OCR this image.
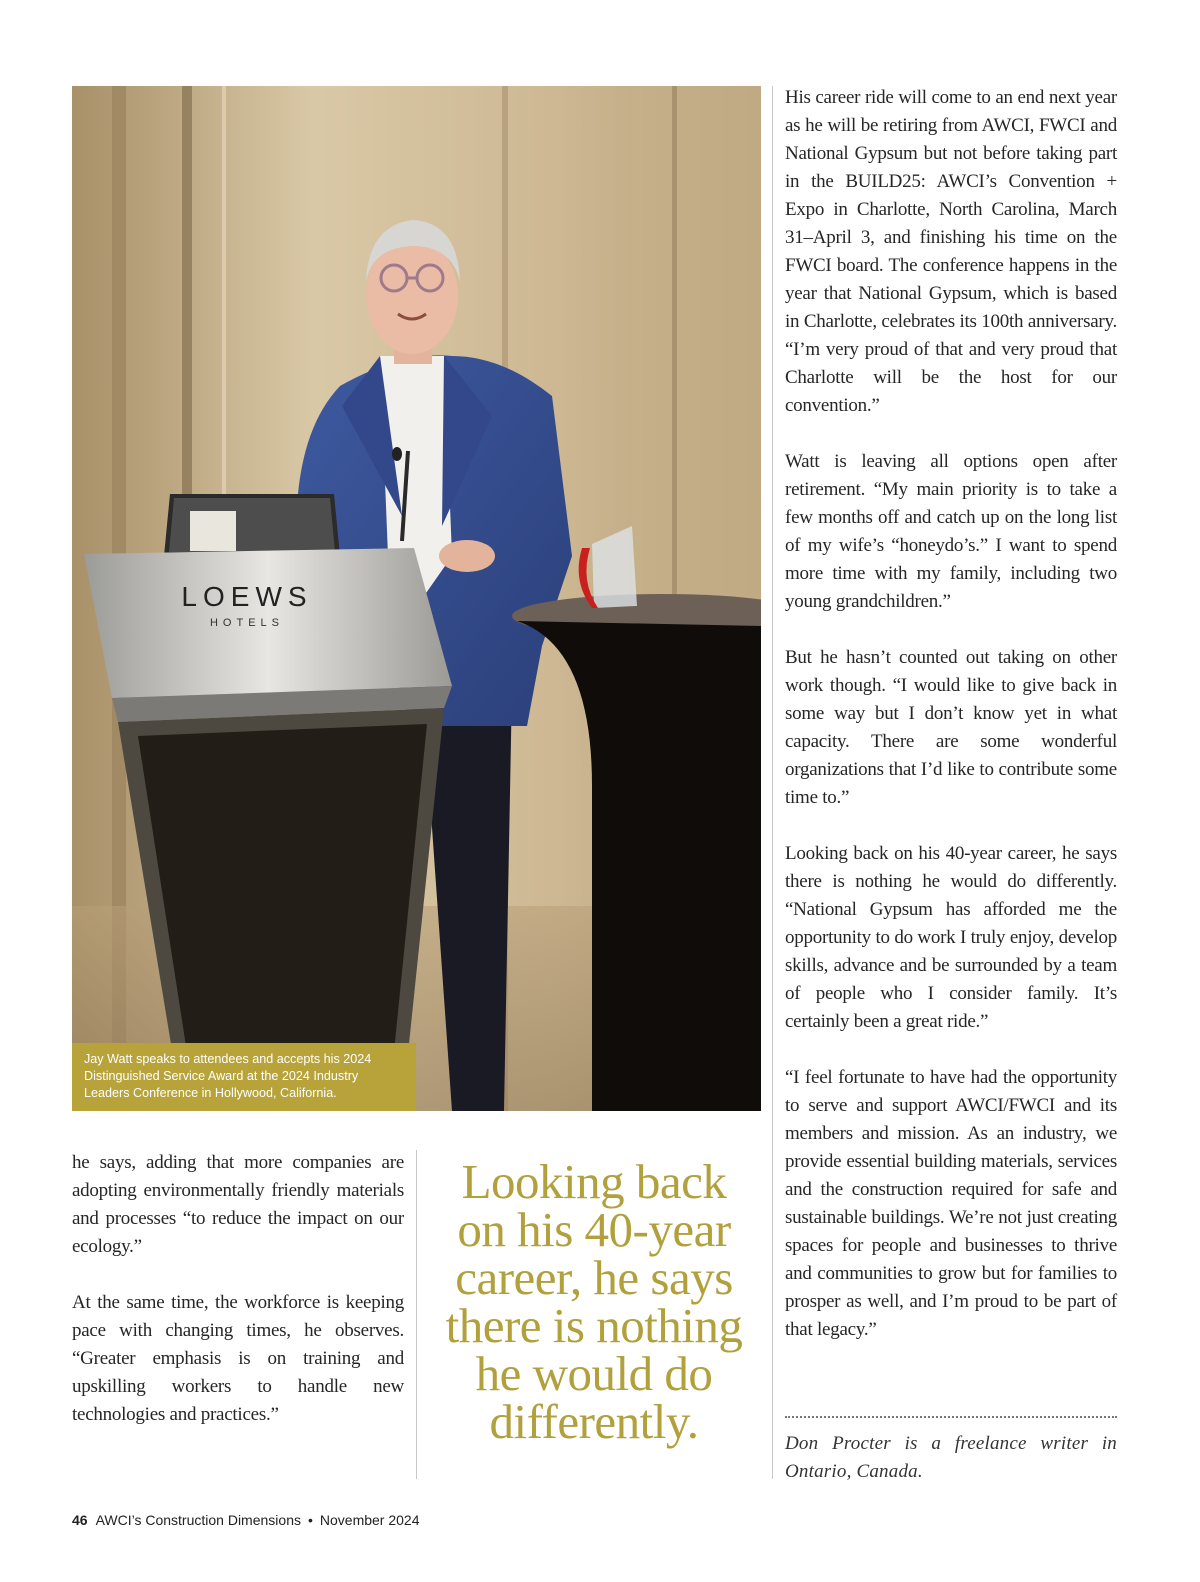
LOEWS
HOTELS
Jay Watt speaks to attendees and accepts his 2024 Distinguished Service Award at the 2024 Industry Leaders Conference in Hollywood, California.

His career ride will come to an end next year as he will be retiring from AWCI, FWCI and National Gypsum but not before taking part in the BUILD25: AWCI’s Convention + Expo in Charlotte, North Carolina, March 31–April 3, and finishing his time on the FWCI board. The conference happens in the year that National Gypsum, which is based in Charlotte, celebrates its 100th anniversary. “I’m very proud of that and very proud that Charlotte will be the host for our convention.”

Watt is leaving all options open after retirement. “My main priority is to take a few months off and catch up on the long list of my wife’s “honeydo’s.” I want to spend more time with my family, including two young grandchildren.”

But he hasn’t counted out taking on other work though. “I would like to give back in some way but I don’t know yet in what capacity. There are some wonderful organizations that I’d like to contribute some time to.”

Looking back on his 40-year career, he says there is nothing he would do differently. “National Gypsum has afforded me the opportunity to do work I truly enjoy, develop skills, advance and be surrounded by a team of people who I consider family. It’s certainly been a great ride.”

“I feel fortunate to have had the opportunity to serve and support AWCI/FWCI and its members and mission. As an industry, we provide essential building materials, services and the construction required for safe and sustainable buildings. We’re not just creating spaces for people and businesses to thrive and communities to grow but for families to prosper as well, and I’m proud to be part of that legacy.”

he says, adding that more companies are adopting environmentally friendly materials and processes “to reduce the impact on our ecology.”

At the same time, the workforce is keeping pace with changing times, he observes. “Greater emphasis is on training and upskilling workers to handle new technologies and practices.”

Looking back on his 40-year career, he says there is nothing he would do differently.	Don Procter is a freelance writer in Ontario, Canada.
46 AWCI’s Construction Dimensions • November 2024
